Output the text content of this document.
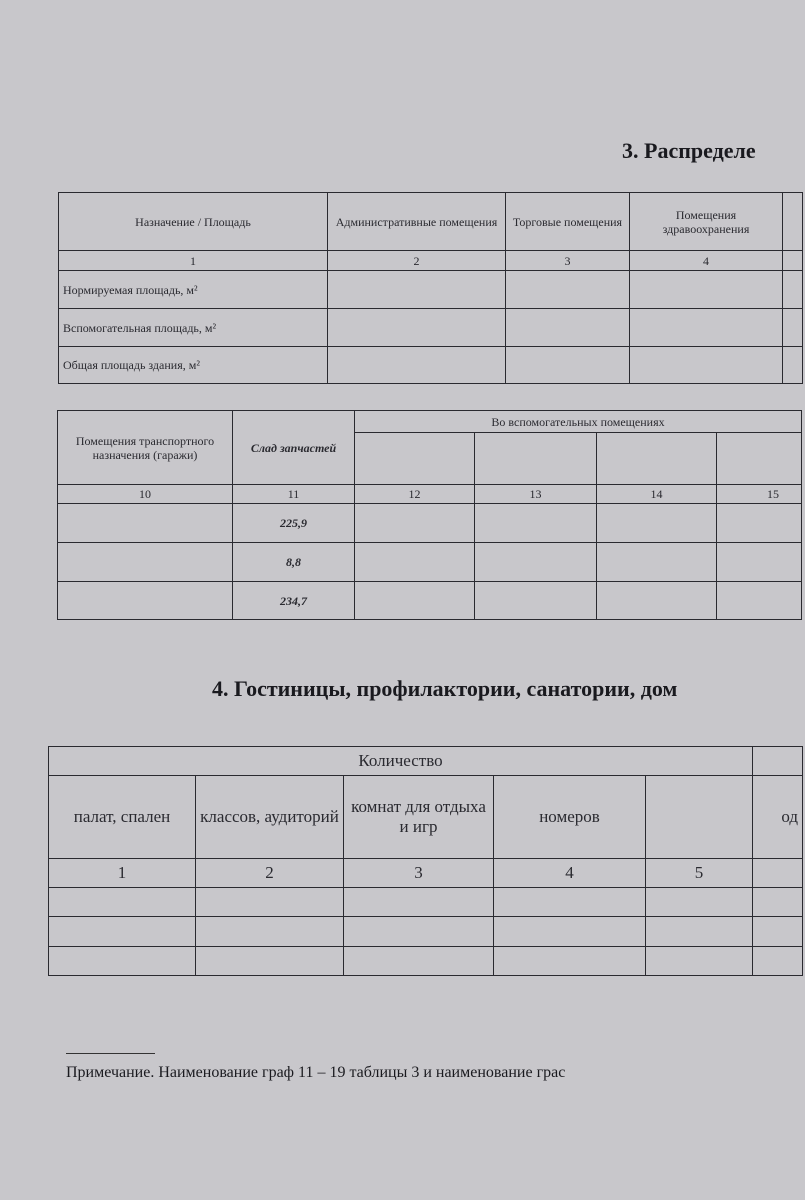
3. Распределе
Назначение / Площадь	Административные помещения	Торговые помещения	Помещения здравоохранения	
1	2	3	4	
Нормируемая площадь, м²				
Вспомогательная площадь, м²				
Общая площадь здания, м²				
Помещения транспортного назначения (гаражи)	Слад запчастей	Во вспомогательных помещениях			

10	11	12	13	14	15
	225,9				
	8,8				
	234,7				
4. Гостиницы, профилактории, санатории, дом
Количество					
палат, спален	классов, аудиторий	комнат для отдыха и игр	номеров		од
1	2	3	4	5	

Примечание. Наименование граф 11 – 19 таблицы 3 и наименование грас
